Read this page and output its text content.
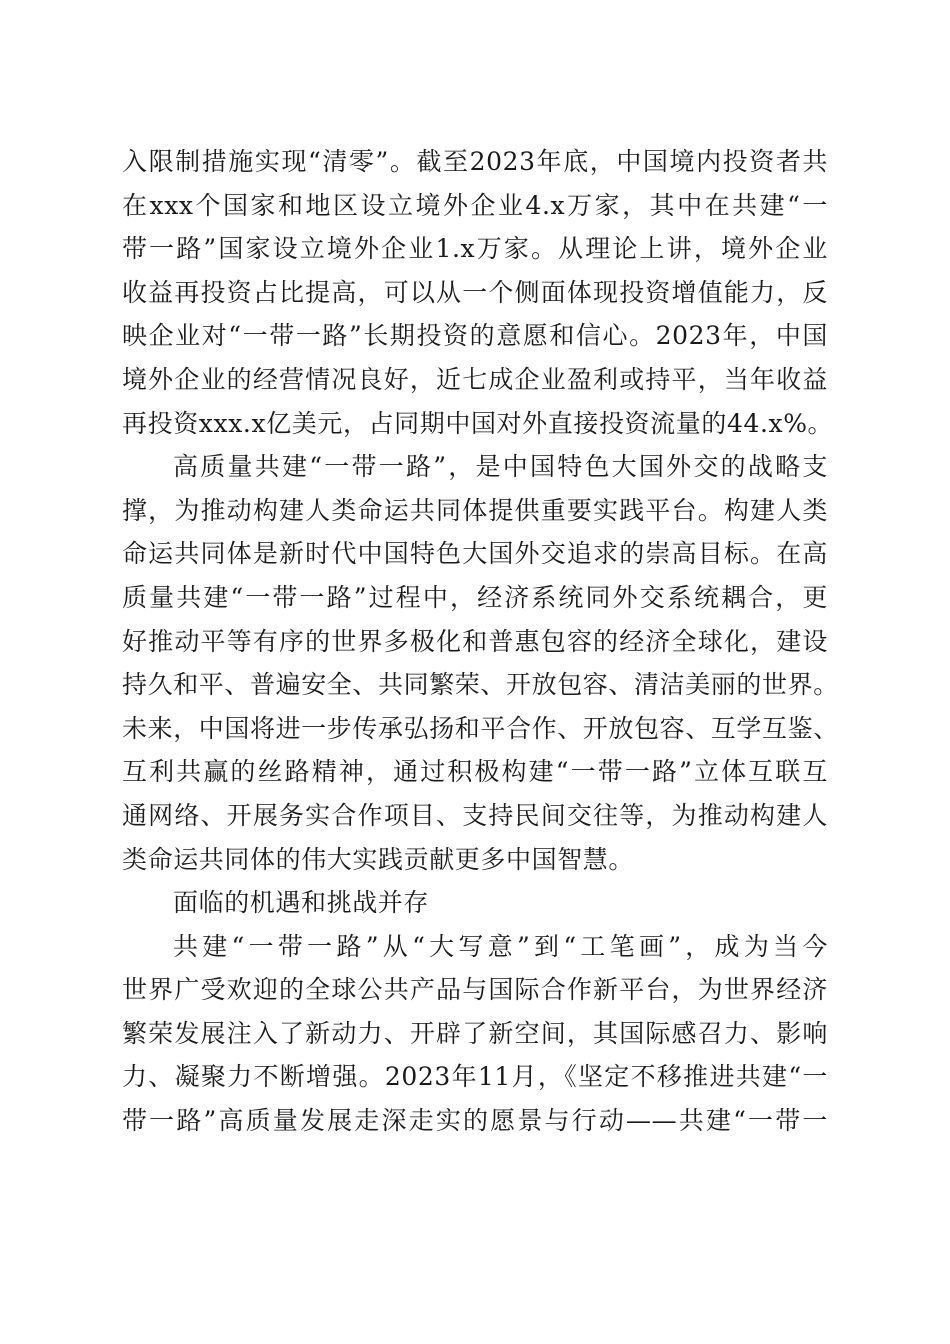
入限制措施实现“清零”。截至2023年底，中国境内投资者共
在xxx个国家和地区设立境外企业4.x万家，其中在共建“一
带一路”国家设立境外企业1.x万家。从理论上讲，境外企业
收益再投资占比提高，可以从一个侧面体现投资增值能力，反
映企业对“一带一路”长期投资的意愿和信心。2023年，中国
境外企业的经营情况良好，近七成企业盈利或持平，当年收益
再投资xxx.x亿美元，占同期中国对外直接投资流量的44.x%。
高质量共建“一带一路”，是中国特色大国外交的战略支
撑，为推动构建人类命运共同体提供重要实践平台。构建人类
命运共同体是新时代中国特色大国外交追求的崇高目标。在高
质量共建“一带一路”过程中，经济系统同外交系统耦合，更
好推动平等有序的世界多极化和普惠包容的经济全球化，建设
持久和平、普遍安全、共同繁荣、开放包容、清洁美丽的世界。
未来，中国将进一步传承弘扬和平合作、开放包容、互学互鉴、
互利共赢的丝路精神，通过积极构建“一带一路”立体互联互
通网络、开展务实合作项目、支持民间交往等，为推动构建人
类命运共同体的伟大实践贡献更多中国智慧。
面临的机遇和挑战并存
共建“一带一路”从“大写意”到“工笔画”，成为当今
世界广受欢迎的全球公共产品与国际合作新平台，为世界经济
繁荣发展注入了新动力、开辟了新空间，其国际感召力、影响
力、凝聚力不断增强。2023年11月，《坚定不移推进共建“一
带一路”高质量发展走深走实的愿景与行动——共建“一带一
